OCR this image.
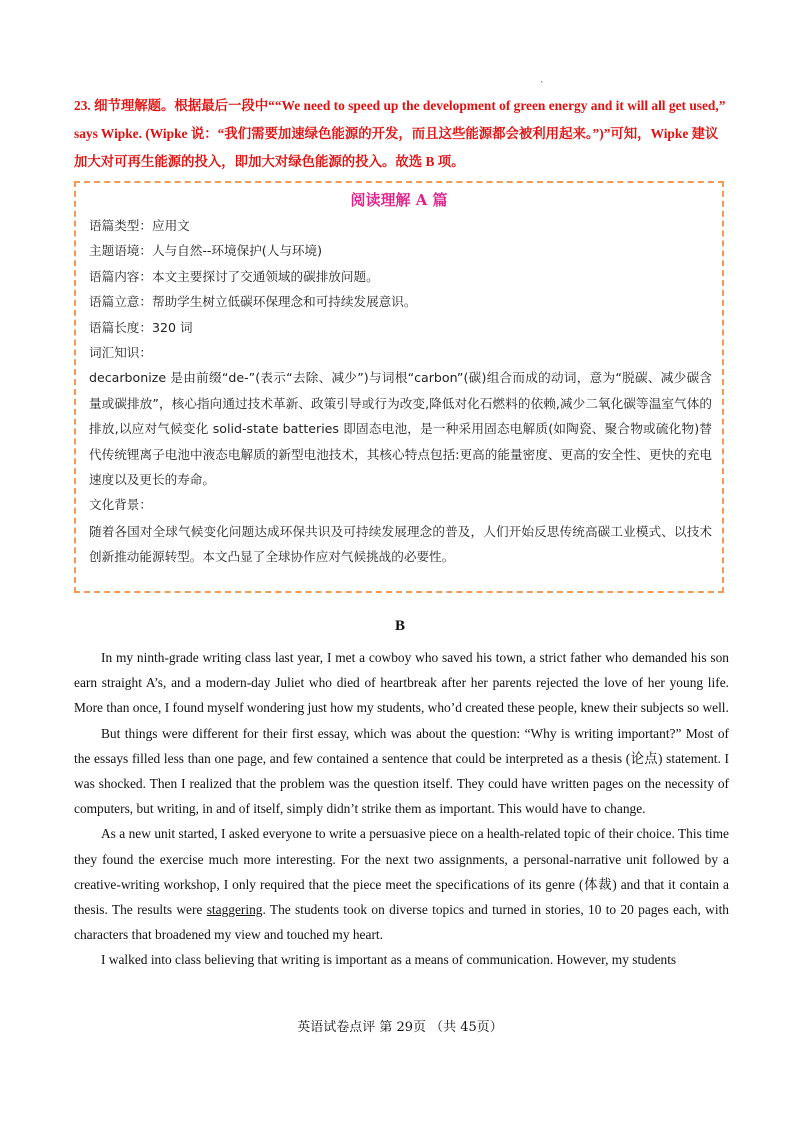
ˋ

23. 细节理解题。根据最后一段中““We need to speed up the development of green energy and it will all get used,” says Wipke. (Wipke 说：“我们需要加速绿色能源的开发，而且这些能源都会被利用起来。”)”可知，Wipke 建议加大对可再生能源的投入，即加大对绿色能源的投入。故选 B 项。

阅读理解 A 篇
语篇类型：应用文
主题语境：人与自然--环境保护(人与环境)
语篇内容：本文主要探讨了交通领域的碳排放问题。
语篇立意：帮助学生树立低碳环保理念和可持续发展意识。
语篇长度：320 词
词汇知识：
decarbonize 是由前缀“de-”(表示“去除、减少”)与词根“carbon”(碳)组合而成的动词，意为“脱碳、减少碳含量或碳排放”，核心指向通过技术革新、政策引导或行为改变,降低对化石燃料的依赖,减少二氧化碳等温室气体的排放,以应对气候变化 solid-state batteries 即固态电池，是一种采用固态电解质(如陶瓷、聚合物或硫化物)替代传统锂离子电池中液态电解质的新型电池技术，其核心特点包括:更高的能量密度、更高的安全性、更快的充电速度以及更长的寿命。
文化背景：
随着各国对全球气候变化问题达成环保共识及可持续发展理念的普及，人们开始反思传统高碳工业模式、以技术创新推动能源转型。本文凸显了全球协作应对气候挑战的必要性。
B

In my ninth-grade writing class last year, I met a cowboy who saved his town, a strict father who demanded his son earn straight A’s, and a modern-day Juliet who died of heartbreak after her parents rejected the love of her young life. More than once, I found myself wondering just how my students, who’d created these people, knew their subjects so well.

But things were different for their first essay, which was about the question: “Why is writing important?” Most of the essays filled less than one page, and few contained a sentence that could be interpreted as a thesis (论点) statement. I was shocked. Then I realized that the problem was the question itself. They could have written pages on the necessity of computers, but writing, in and of itself, simply didn’t strike them as important. This would have to change.

As a new unit started, I asked everyone to write a persuasive piece on a health-related topic of their choice. This time they found the exercise much more interesting. For the next two assignments, a personal-narrative unit followed by a creative-writing workshop, I only required that the piece meet the specifications of its genre (体裁) and that it contain a thesis. The results were staggering. The students took on diverse topics and turned in stories, 10 to 20 pages each, with characters that broadened my view and touched my heart.

I walked into class believing that writing is important as a means of communication. However, my students

英语试卷点评 第 29页 （共 45页）
